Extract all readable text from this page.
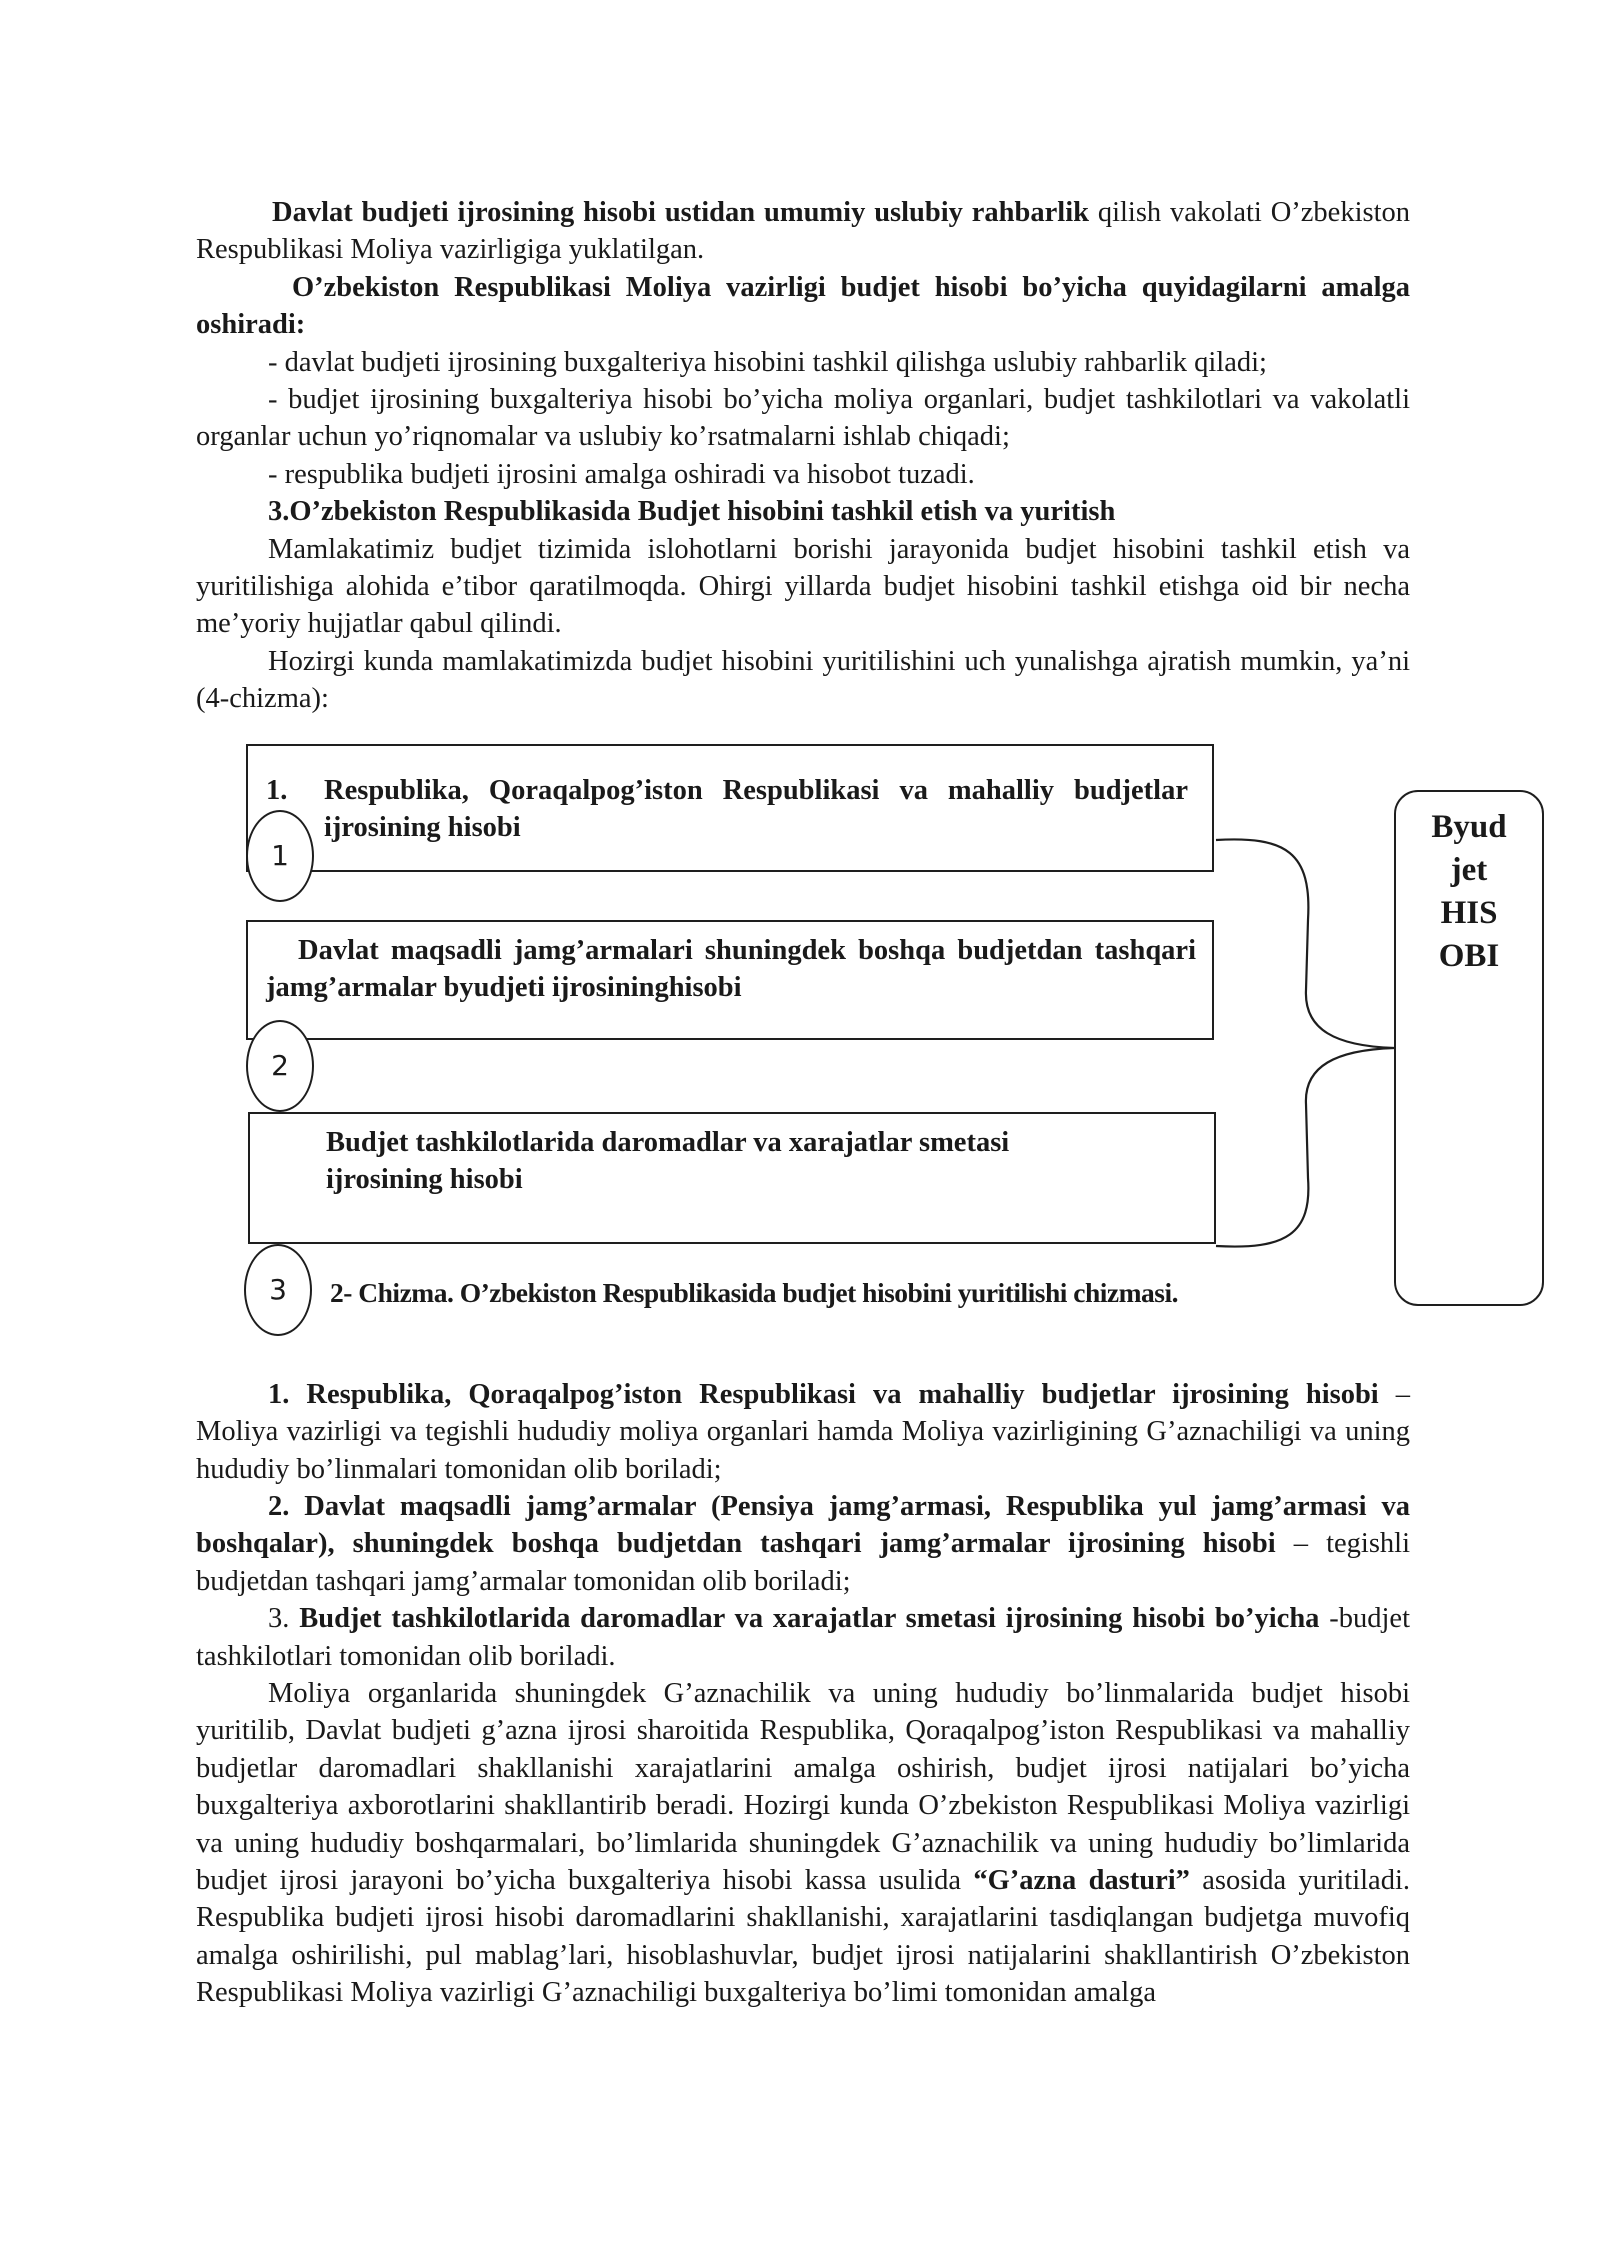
Davlat budjeti ijrosining hisobi ustidan umumiy uslubiy rahbarlik qilish vakolati O’zbekiston Respublikasi Moliya vazirligiga yuklatilgan.

O’zbekiston Respublikasi Moliya vazirligi budjet hisobi bo’yicha quyidagilarni amalga oshiradi:

- davlat budjeti ijrosining buxgalteriya hisobini tashkil qilishga uslubiy rahbarlik qiladi;

- budjet ijrosining buxgalteriya hisobi bo’yicha moliya organlari, budjet tashkilotlari va vakolatli organlar uchun yo’riqnomalar va uslubiy ko’rsatmalarni ishlab chiqadi;

- respublika budjeti ijrosini amalga oshiradi va hisobot tuzadi.

3.O’zbekiston Respublikasida Budjet hisobini tashkil etish va yuritish

Mamlakatimiz budjet tizimida islohotlarni borishi jarayonida budjet hisobini tashkil etish va yuritilishiga alohida e’tibor qaratilmoqda. Ohirgi yillarda budjet hisobini tashkil etishga oid bir necha me’yoriy hujjatlar qabul qilindi.

Hozirgi kunda mamlakatimizda budjet hisobini yuritilishini uch yunalishga ajratish mumkin, ya’ni (4-chizma):

1. Respublika, Qoraqalpog’iston Respublikasi va mahalliy budjetlar ijrosining hisobi
1
Davlat maqsadli jamg’armalari shuningdek boshqa budjetdan tashqari jamg’armalar byudjeti ijrosininghisobi
2
Budjet tashkilotlarida daromadlar va xarajatlar smetasi ijrosining hisobi
3
Byud
jet
HIS
OBI
2- Chizma. O’zbekiston Respublikasida budjet hisobini yuritilishi chizmasi.

1. Respublika, Qoraqalpog’iston Respublikasi va mahalliy budjetlar ijrosining hisobi – Moliya vazirligi va tegishli hududiy moliya organlari hamda Moliya vazirligining G’aznachiligi va uning hududiy bo’linmalari tomonidan olib boriladi;

2. Davlat maqsadli jamg’armalar (Pensiya jamg’armasi, Respublika yul jamg’armasi va boshqalar), shuningdek boshqa budjetdan tashqari jamg’armalar ijrosining hisobi – tegishli budjetdan tashqari jamg’armalar tomonidan olib boriladi;

3. Budjet tashkilotlarida daromadlar va xarajatlar smetasi ijrosining hisobi bo’yicha -budjet tashkilotlari tomonidan olib boriladi.

Moliya organlarida shuningdek G’aznachilik va uning hududiy bo’linmalarida budjet hisobi yuritilib, Davlat budjeti g’azna ijrosi sharoitida Respublika, Qoraqalpog’iston Respublikasi va mahalliy budjetlar daromadlari shakllanishi xarajatlarini amalga oshirish, budjet ijrosi natijalari bo’yicha buxgalteriya axborotlarini shakllantirib beradi. Hozirgi kunda O’zbekiston Respublikasi Moliya vazirligi va uning hududiy boshqarmalari, bo’limlarida shuningdek G’aznachilik va uning hududiy bo’limlarida budjet ijrosi jarayoni bo’yicha buxgalteriya hisobi kassa usulida “G’azna dasturi” asosida yuritiladi. Respublika budjeti ijrosi hisobi daromadlarini shakllanishi, xarajatlarini tasdiqlangan budjetga muvofiq amalga oshirilishi, pul mablag’lari, hisoblashuvlar, budjet ijrosi natijalarini shakllantirish O’zbekiston Respublikasi Moliya vazirligi G’aznachiligi buxgalteriya bo’limi tomonidan amalga
